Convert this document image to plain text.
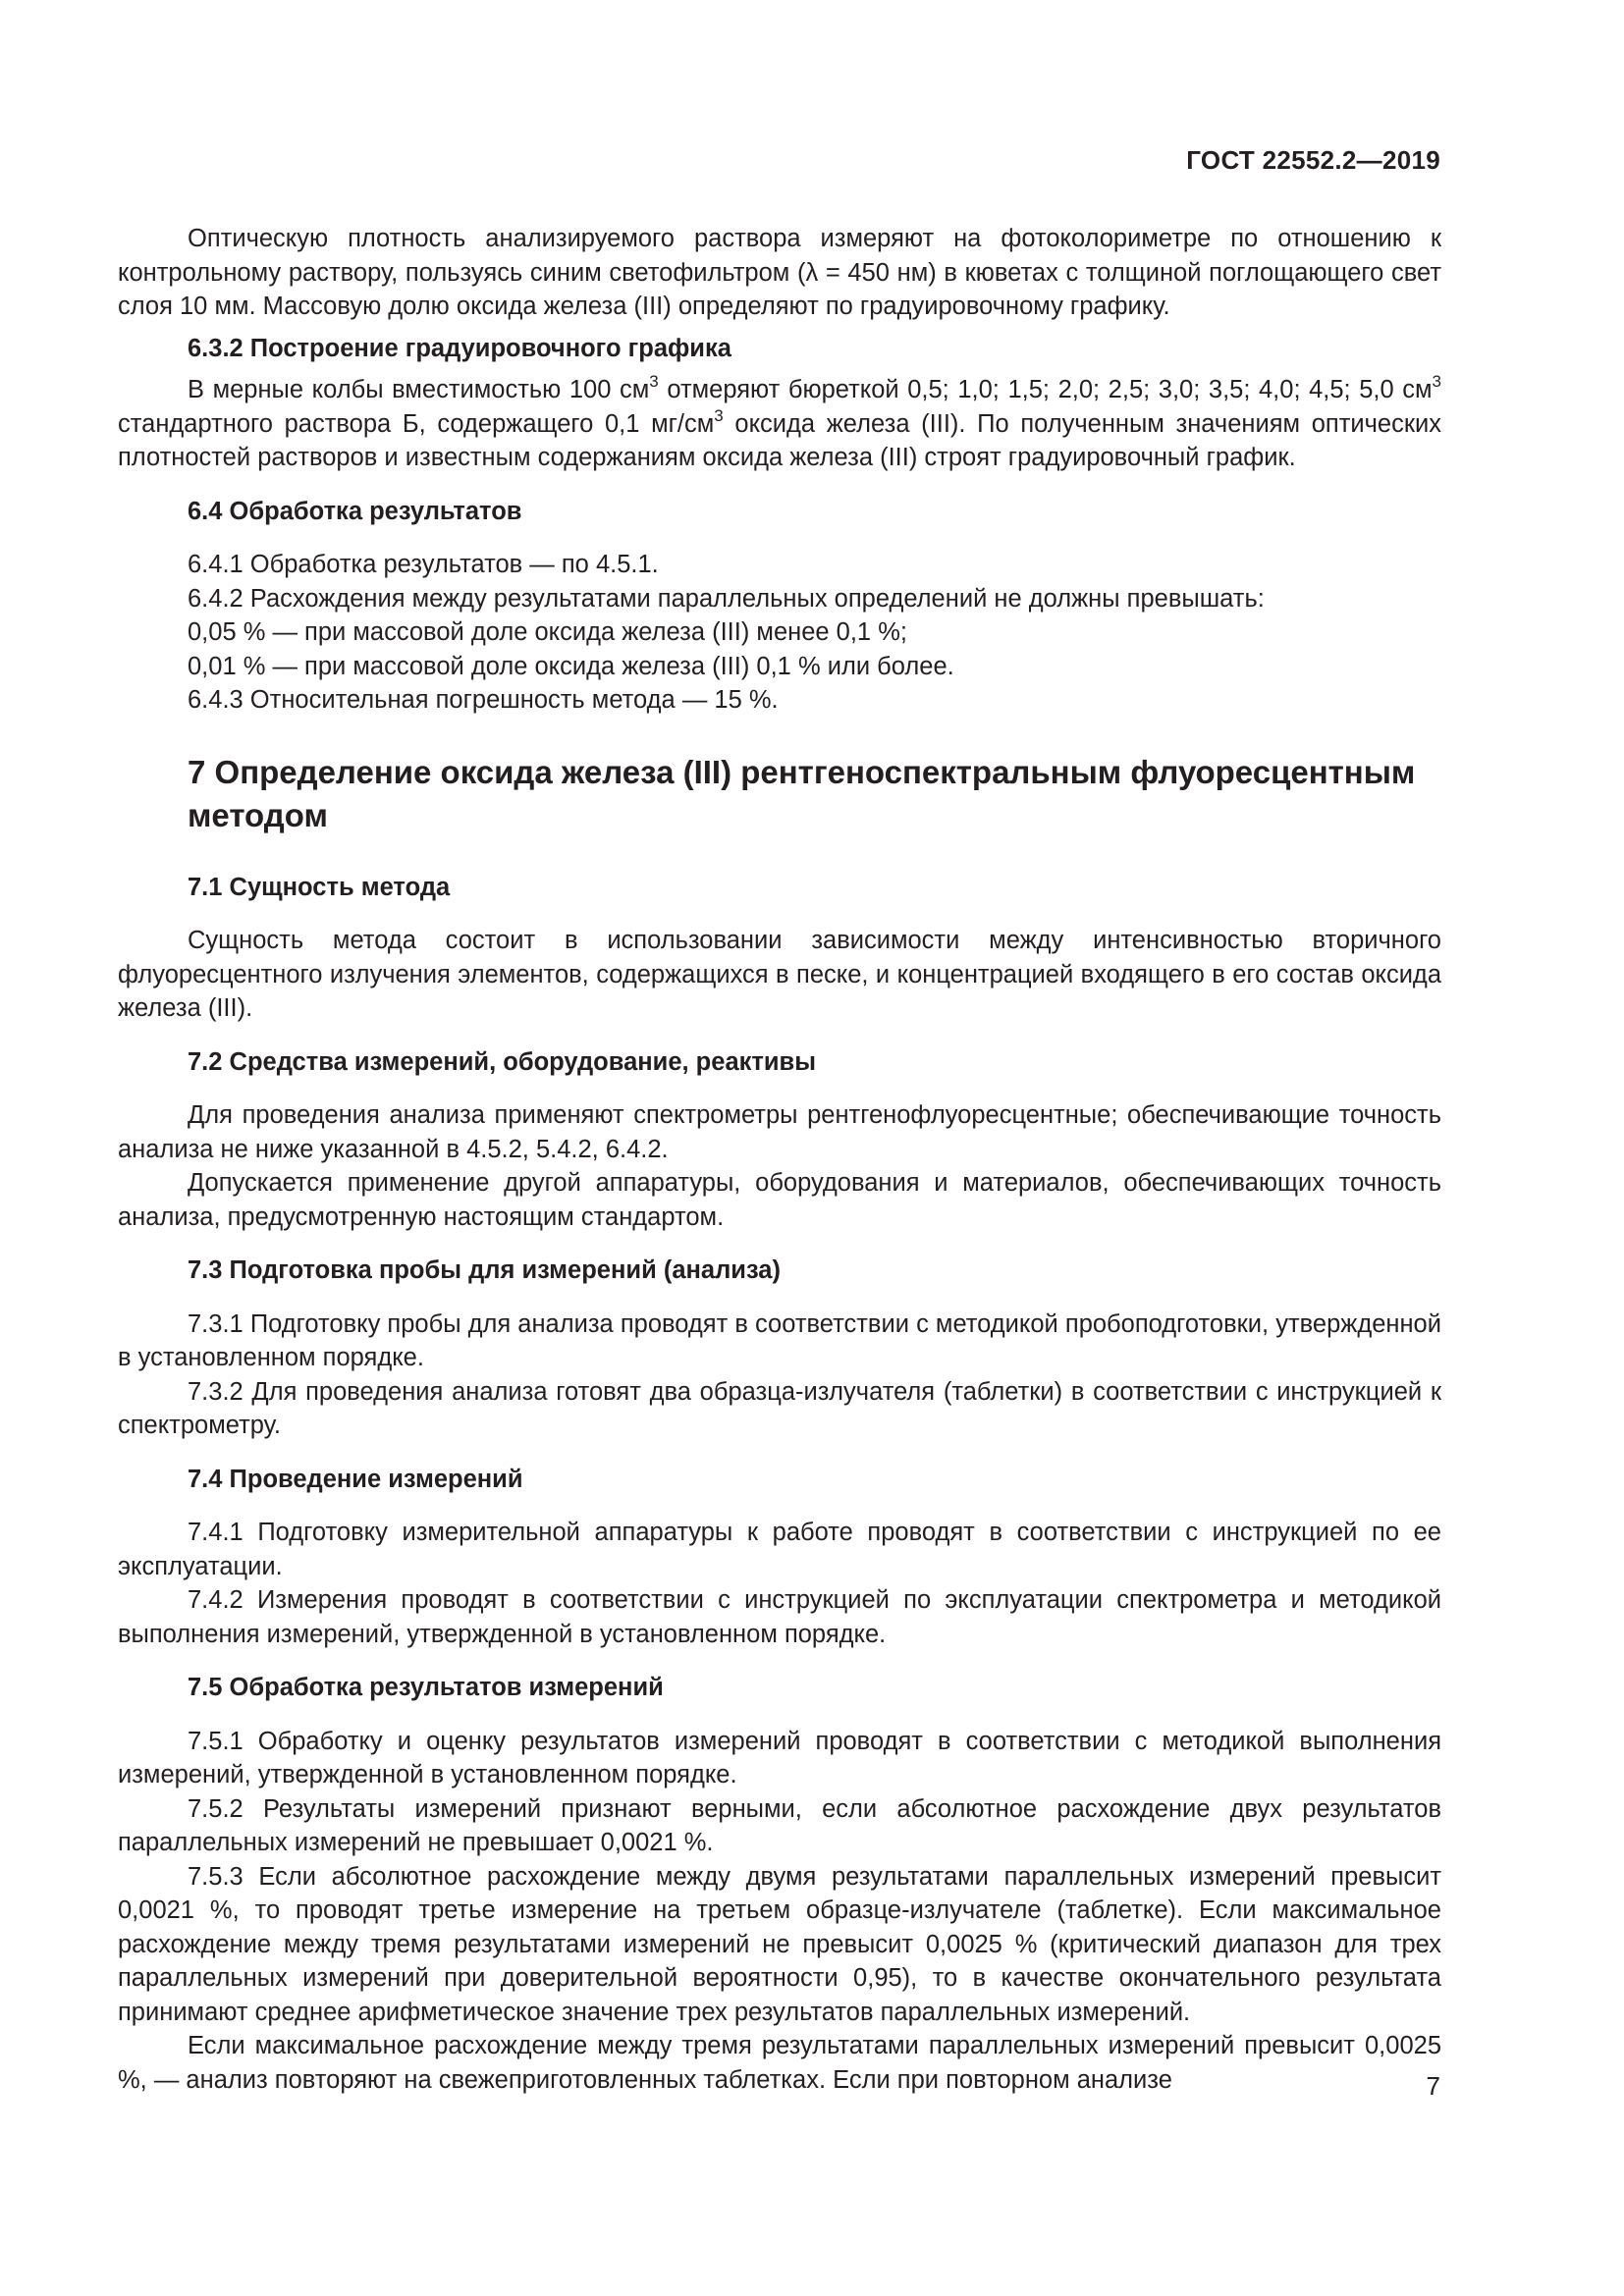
ГОСТ 22552.2—2019

Оптическую плотность анализируемого раствора измеряют на фотоколориметре по отношению к контрольному раствору, пользуясь синим светофильтром (λ = 450 нм) в кюветах с толщиной поглощающего свет слоя 10 мм. Массовую долю оксида железа (III) определяют по градуировочному графику.

6.3.2 Построение градуировочного графика

В мерные колбы вместимостью 100 $см^3$ отмеряют бюреткой 0,5; 1,0; 1,5; 2,0; 2,5; 3,0; 3,5; 4,0; 4,5; 5,0 $см^3$ стандартного раствора Б, содержащего 0,1 $мг/см^3$ оксида железа (III). По полученным значениям оптических плотностей растворов и известным содержаниям оксида железа (III) строят градуировочный график.

6.4 Обработка результатов

6.4.1 Обработка результатов — по 4.5.1.

6.4.2 Расхождения между результатами параллельных определений не должны превышать:

0,05 % — при массовой доле оксида железа (III) менее 0,1 %;

0,01 % — при массовой доле оксида железа (III) 0,1 % или более.

6.4.3 Относительная погрешность метода — 15 %.

7 Определение оксида железа (III) рентгеноспектральным флуоресцентным методом

7.1 Сущность метода

Сущность метода состоит в использовании зависимости между интенсивностью вторичного флуоресцентного излучения элементов, содержащихся в песке, и концентрацией входящего в его состав оксида железа (III).

7.2 Средства измерений, оборудование, реактивы

Для проведения анализа применяют спектрометры рентгенофлуоресцентные; обеспечивающие точность анализа не ниже указанной в 4.5.2, 5.4.2, 6.4.2.

Допускается применение другой аппаратуры, оборудования и материалов, обеспечивающих точность анализа, предусмотренную настоящим стандартом.

7.3 Подготовка пробы для измерений (анализа)

7.3.1 Подготовку пробы для анализа проводят в соответствии с методикой пробоподготовки, утвержденной в установленном порядке.

7.3.2 Для проведения анализа готовят два образца-излучателя (таблетки) в соответствии с инструкцией к спектрометру.

7.4 Проведение измерений

7.4.1 Подготовку измерительной аппаратуры к работе проводят в соответствии с инструкцией по ее эксплуатации.

7.4.2 Измерения проводят в соответствии с инструкцией по эксплуатации спектрометра и методикой выполнения измерений, утвержденной в установленном порядке.

7.5 Обработка результатов измерений

7.5.1 Обработку и оценку результатов измерений проводят в соответствии с методикой выполнения измерений, утвержденной в установленном порядке.

7.5.2 Результаты измерений признают верными, если абсолютное расхождение двух результатов параллельных измерений не превышает 0,0021 %.

7.5.3 Если абсолютное расхождение между двумя результатами параллельных измерений превысит 0,0021 %, то проводят третье измерение на третьем образце-излучателе (таблетке). Если максимальное расхождение между тремя результатами измерений не превысит 0,0025 % (критический диапазон для трех параллельных измерений при доверительной вероятности 0,95), то в качестве окончательного результата принимают среднее арифметическое значение трех результатов параллельных измерений.

Если максимальное расхождение между тремя результатами параллельных измерений превысит 0,0025 %, — анализ повторяют на свежеприготовленных таблетках. Если при повторном анализе	7
